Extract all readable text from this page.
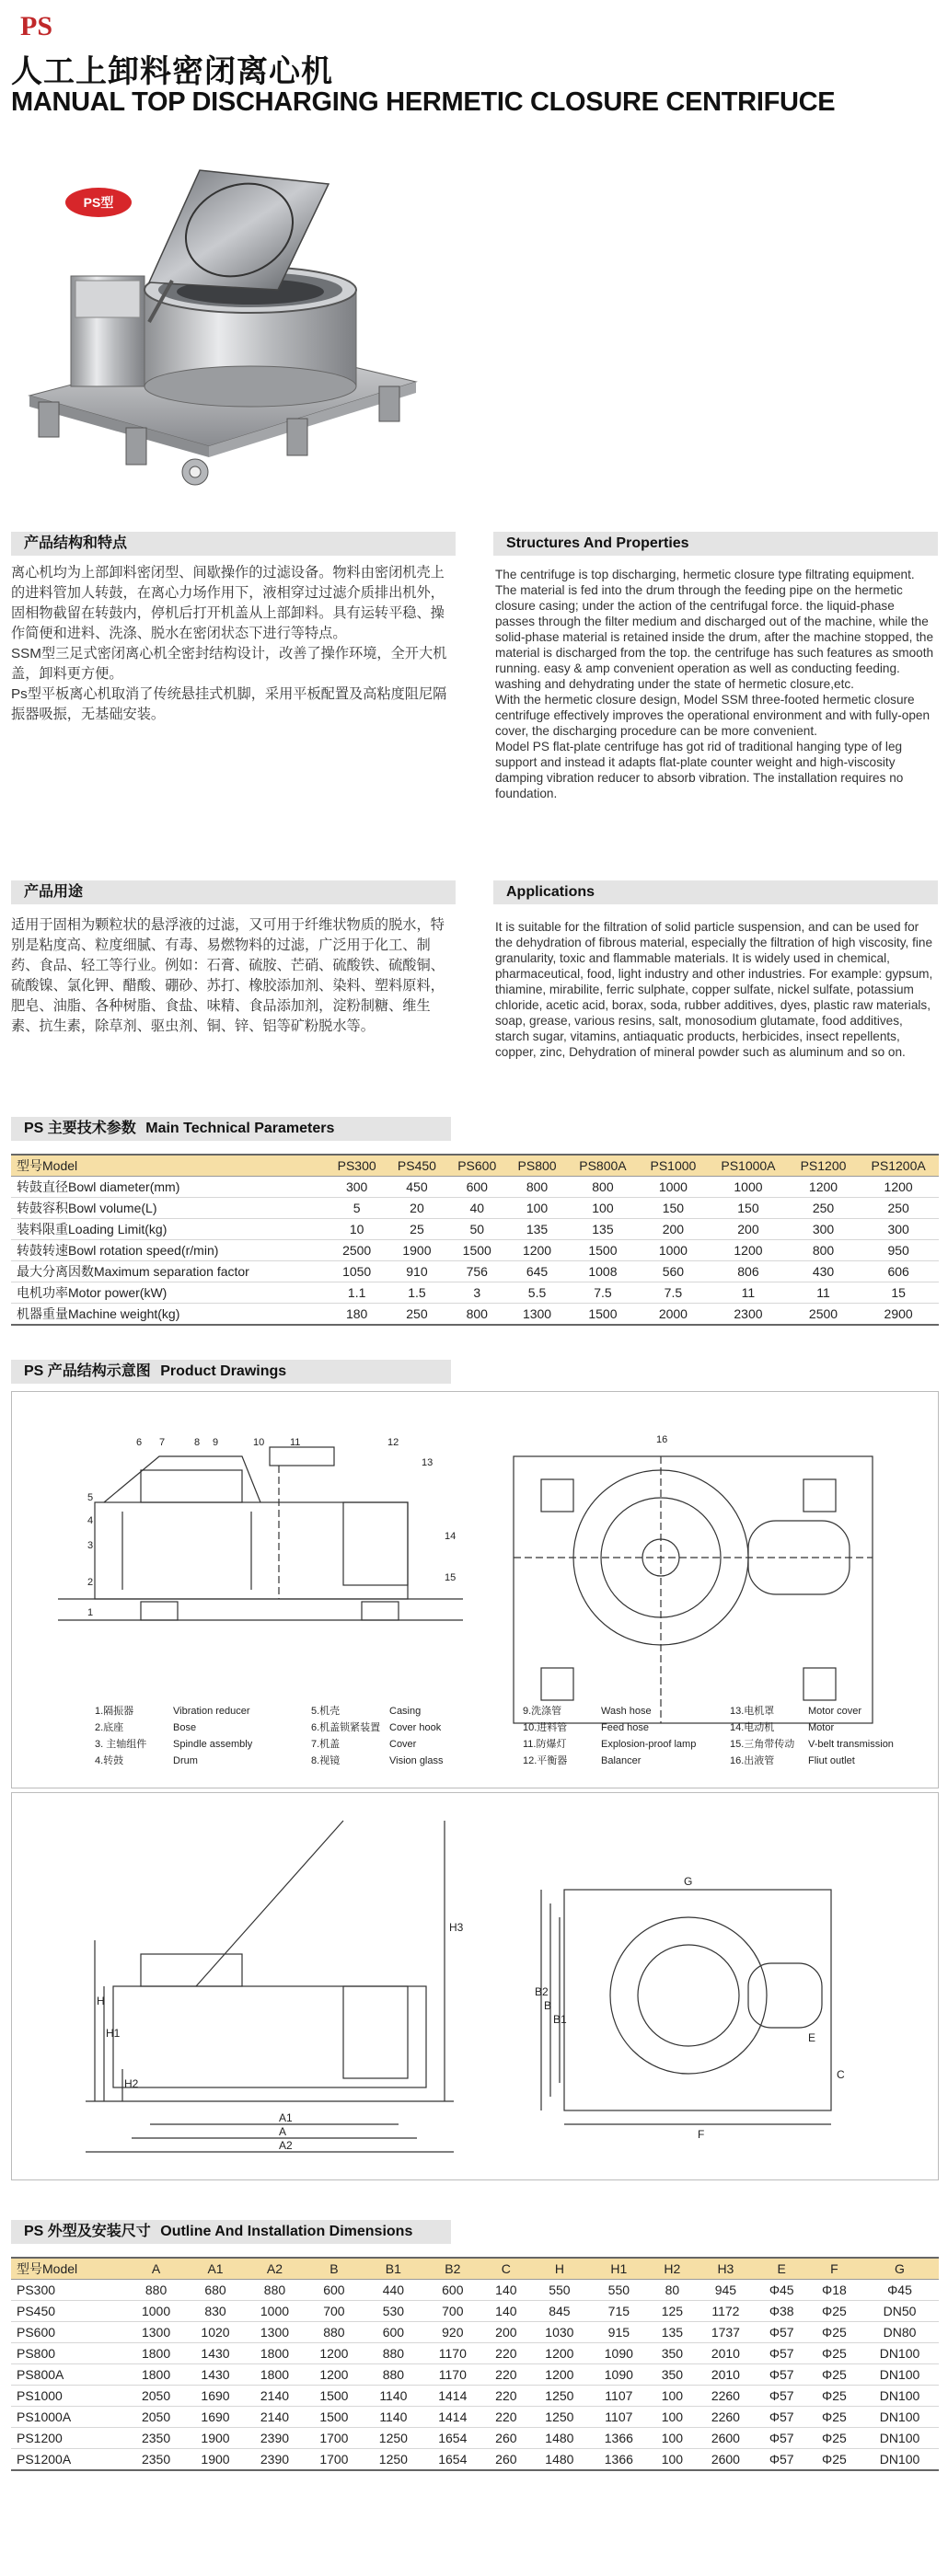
PS
人工上卸料密闭离心机
MANUAL TOP DISCHARGING HERMETIC CLOSURE CENTRIFUCE
PS型
产品结构和特点	Structures And Properties

离心机均为上部卸料密闭型、间歇操作的过滤设备。物料由密闭机壳上的进料管加人转鼓，在离心力场作用下，液相穿过过滤介质排出机外，固相物截留在转鼓内，停机后打开机盖从上部卸料。具有运转平稳、操作简便和进料、洗涤、脱水在密闭状态下进行等特点。

SSM型三足式密闭离心机全密封结构设计，改善了操作环境，全开大机盖，卸料更方便。

Ps型平板离心机取消了传统悬挂式机脚，采用平板配置及高粘度阻尼隔振器吸振，无基础安装。

The centrifuge is top discharging, hermetic closure type filtrating equipment. The material is fed into the drum through the feeding pipe on the hermetic closure casing; under the action of the centrifugal force. the liquid-phase passes through the filter medium and discharged out of the machine, while the solid-phase material is retained inside the drum, after the machine stopped, the material is discharged from the top. the centrifuge has such features as smooth running. easy & amp convenient operation as well as conducting feeding. washing and dehydrating under the state of hermetic closure,etc.

With the hermetic closure design, Model SSM three-footed hermetic closure centrifuge effectively improves the operational environment and with fully-open cover, the discharging procedure can be more convenient.

Model PS flat-plate centrifuge has got rid of traditional hanging type of leg support and instead it adapts flat-plate counter weight and high-viscosity damping vibration reducer to absorb vibration. The installation requires no foundation.

产品用途	Applications

适用于固相为颗粒状的悬浮液的过滤，又可用于纤维状物质的脱水，特别是粘度高、粒度细腻、有毒、易燃物料的过滤，广泛用于化工、制药、食品、轻工等行业。例如：石膏、硫胺、芒硝、硫酸铁、硫酸铜、硫酸镍、氯化钾、醋酸、硼砂、苏打、橡胶添加剂、染料、塑料原料，肥皂、油脂、各种树脂、食盐、味精、食品添加剂，淀粉制糖、维生素、抗生素，除草剂、驱虫剂、铜、锌、铝等矿粉脱水等。

It is suitable for the filtration of solid particle suspension, and can be used for the dehydration of fibrous material, especially the filtration of high viscosity, fine granularity, toxic and flammable materials. It is widely used in chemical, pharmaceutical, food, light industry and other industries. For example: gypsum, thiamine, mirabilite, ferric sulphate, copper sulfate, nickel sulfate, potassium chloride, acetic acid, borax, soda, rubber additives, dyes, plastic raw materials, soap, grease, various resins, salt, monosodium glutamate, food additives, starch sugar, vitamins, antiaquatic products, herbicides, insect repellents, copper, zinc, Dehydration of mineral powder such as aluminum and so on.

PS 主要技术参数 Main Technical Parameters
型号Model	PS300	PS450	PS600	PS800	PS800A	PS1000	PS1000A	PS1200	PS1200A
转鼓直径Bowl diameter(mm)	300	450	600	800	800	1000	1000	1200	1200
转鼓容积Bowl volume(L)	5	20	40	100	100	150	150	250	250
装料限重Loading Limit(kg)	10	25	50	135	135	200	200	300	300
转鼓转速Bowl rotation speed(r/min)	2500	1900	1500	1200	1500	1000	1200	800	950
最大分离因数Maximum separation factor	1050	910	756	645	1008	560	806	430	606
电机功率Motor power(kW)	1.1	1.5	3	5.5	7.5	7.5	11	11	15
机器重量Machine weight(kg)	180	250	800	1300	1500	2000	2300	2500	2900
PS 产品结构示意图 Product Drawings
1
2
3
4
5
6 7	8 9	10	11	12
13
14
15
16
1.隔振器	Vibration reducer
2.底座	Bose
3. 主轴组件	Spindle assembly
4.转鼓	Drum
5.机壳	Casing
6.机盖锁紧装置 Cover hook
7.机盖	Cover
8.视镜	Vision glass
9.洗涤管	Wash hose
10.进料管	Feed hose
11.防爆灯	Explosion-proof lamp
12.平衡器	Balancer
13.电机罩	Motor cover
14.电动机	Motor
15.三角带传动 V-belt transmission
16.出液管	Fliut outlet
H3
H
H1
H2
A1
A
A2
G
B2
B
B1
C
F
E
PS 外型及安装尺寸 Outline And Installation Dimensions
型号Model	A	A1	A2	B	B1	B2	C	H	H1	H2	H3	E	F	G
PS300	880	680	880	600	440	600	140	550	550	80	945	Φ45	Φ18	Φ45
PS450	1000	830	1000	700	530	700	140	845	715	125	1172	Φ38	Φ25	DN50
PS600	1300	1020	1300	880	600	920	200	1030	915	135	1737	Φ57	Φ25	DN80
PS800	1800	1430	1800	1200	880	1170	220	1200	1090	350	2010	Φ57	Φ25	DN100
PS800A	1800	1430	1800	1200	880	1170	220	1200	1090	350	2010	Φ57	Φ25	DN100
PS1000	2050	1690	2140	1500	1140	1414	220	1250	1107	100	2260	Φ57	Φ25	DN100
PS1000A	2050	1690	2140	1500	1140	1414	220	1250	1107	100	2260	Φ57	Φ25	DN100
PS1200	2350	1900	2390	1700	1250	1654	260	1480	1366	100	2600	Φ57	Φ25	DN100
PS1200A	2350	1900	2390	1700	1250	1654	260	1480	1366	100	2600	Φ57	Φ25	DN100
